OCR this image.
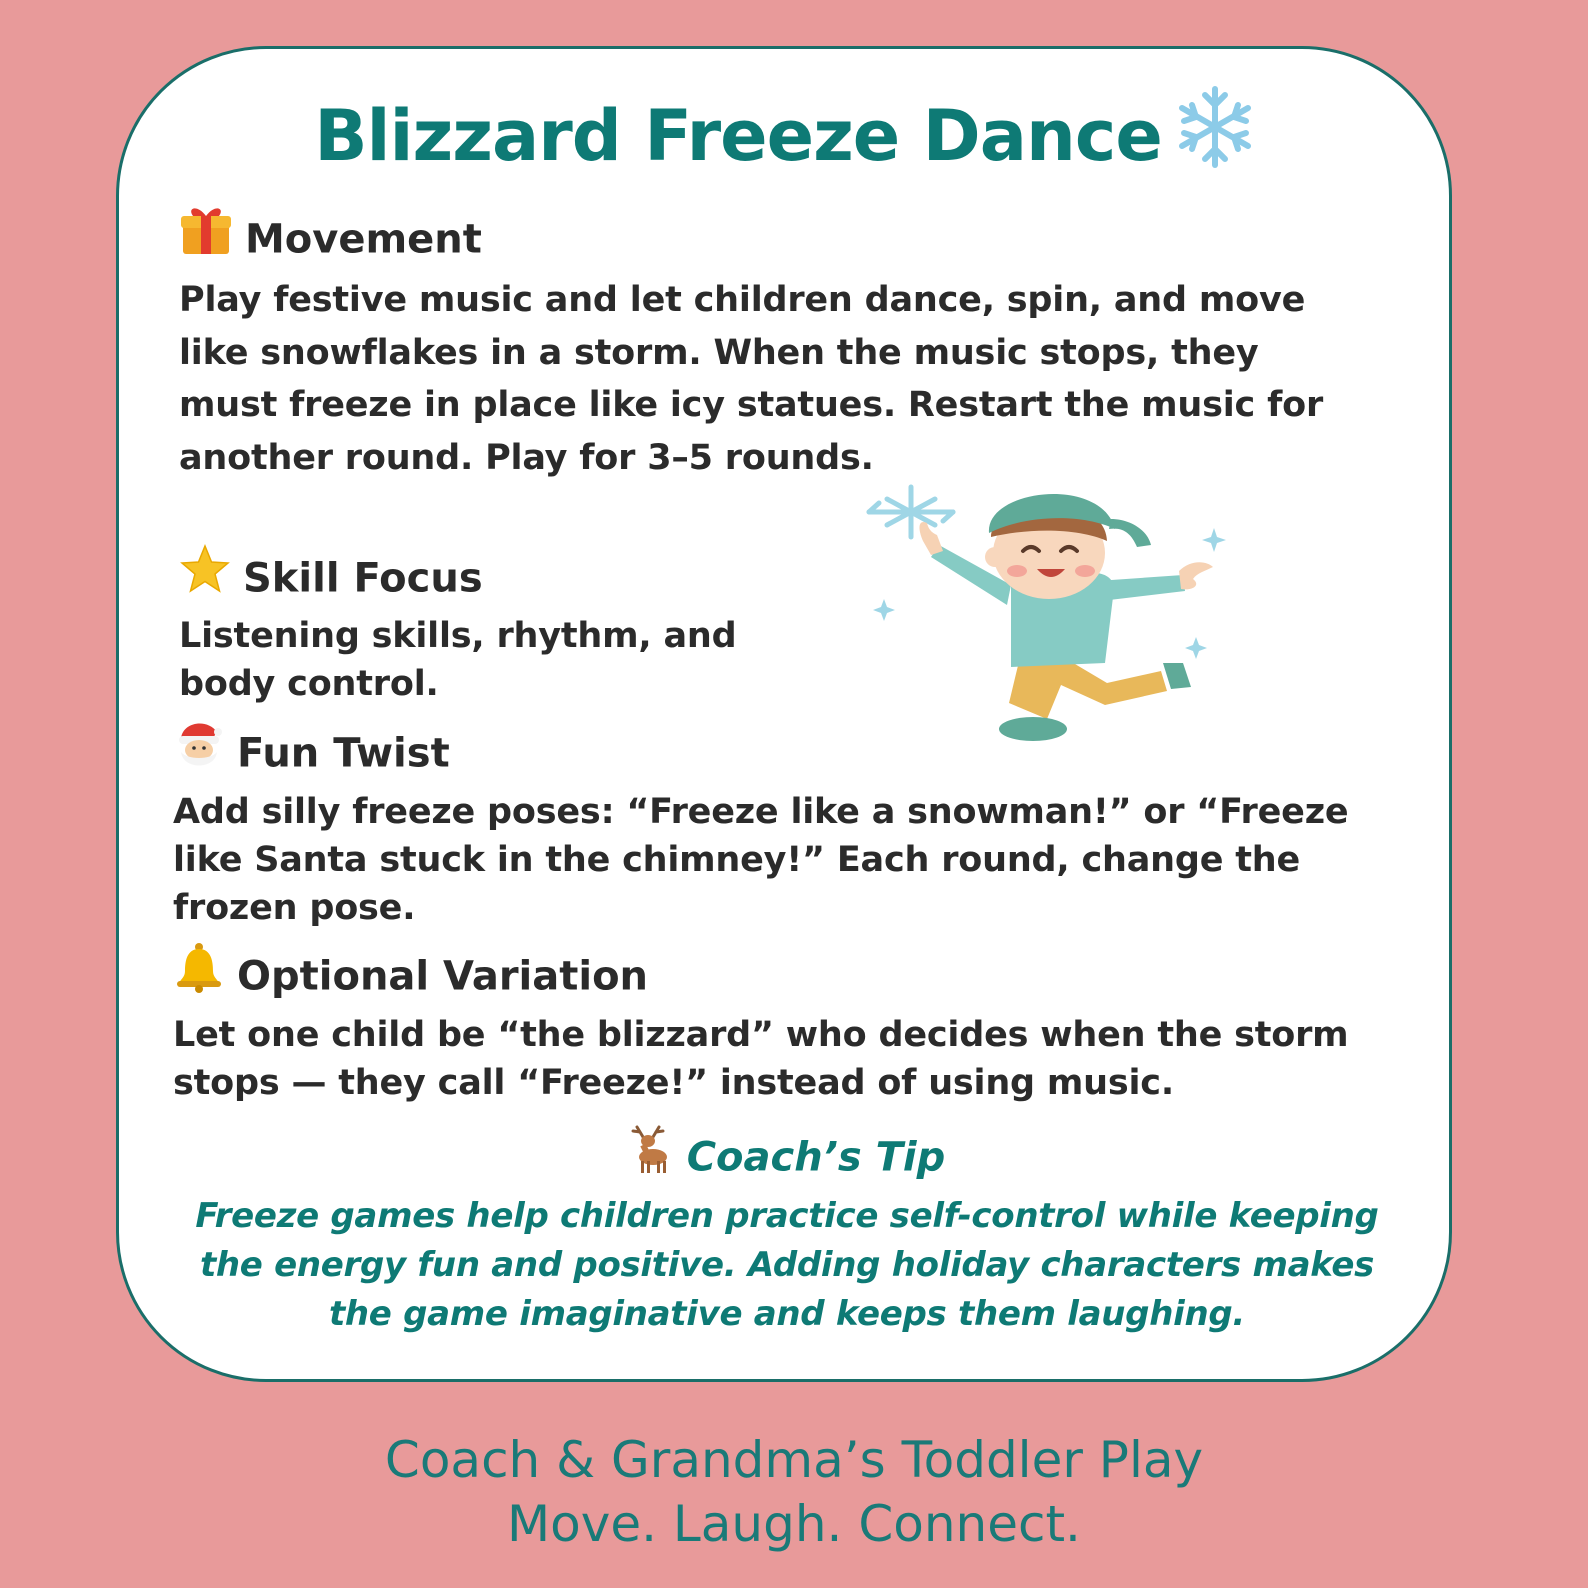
Blizzard Freeze Dance
Movement
Play festive music and let children dance, spin, and move like snowflakes in a storm. When the music stops, they must freeze in place like icy statues. Restart the music for another round. Play for 3–5 rounds.
Skill Focus
Listening skills, rhythm, and body control.
Fun Twist
Add silly freeze poses: “Freeze like a snowman!” or “Freeze like Santa stuck in the chimney!” Each round, change the frozen pose.
Optional Variation
Let one child be “the blizzard” who decides when the storm stops — they call “Freeze!” instead of using music.
Coach’s Tip
Freeze games help children practice self-control while keeping the energy fun and positive. Adding holiday characters makes the game imaginative and keeps them laughing.
Coach & Grandma’s Toddler Play
Move. Laugh. Connect.
